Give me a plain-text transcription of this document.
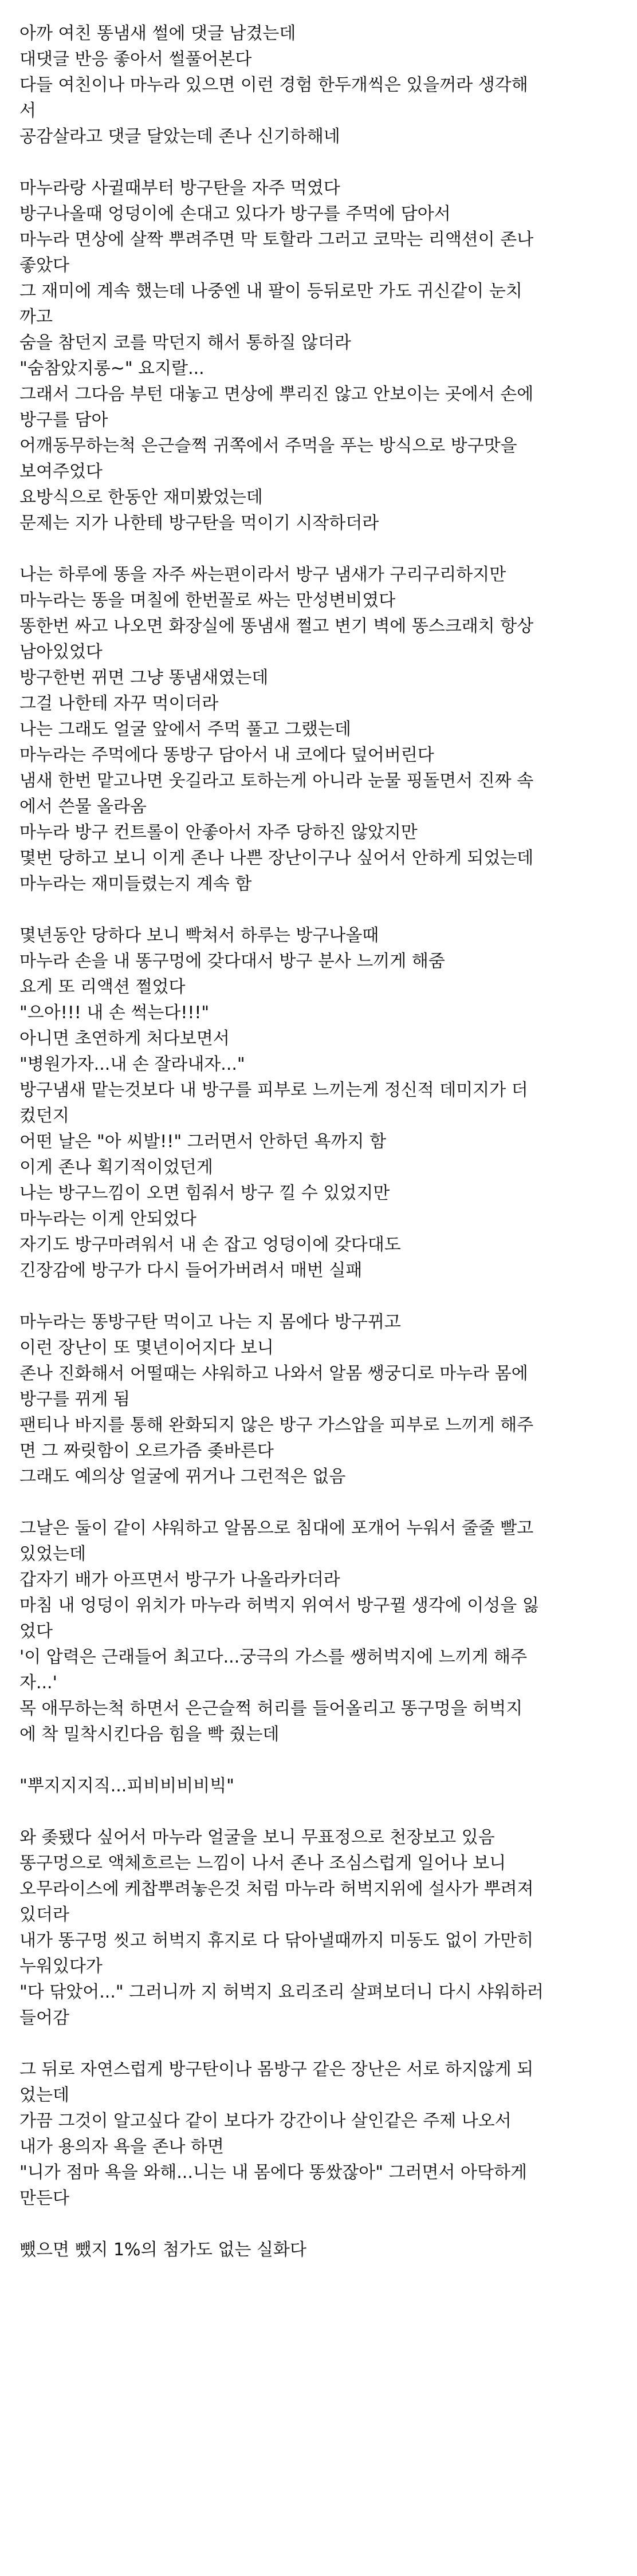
아까 여친 똥냄새 썰에 댓글 남겼는데
대댓글 반응 좋아서 썰풀어본다
다들 여친이나 마누라 있으면 이런 경험 한두개씩은 있을꺼라 생각해
서
공감살라고 댓글 달았는데 존나 신기하해네
마누라랑 사귈때부터 방구탄을 자주 먹였다
방구나올때 엉덩이에 손대고 있다가 방구를 주먹에 담아서
마누라 면상에 살짝 뿌려주면 막 토할라 그러고 코막는 리액션이 존나
좋았다
그 재미에 계속 했는데 나중엔 내 팔이 등뒤로만 가도 귀신같이 눈치
까고
숨을 참던지 코를 막던지 해서 통하질 않더라
"숨참았지롱~" 요지랄...
그래서 그다음 부턴 대놓고 면상에 뿌리진 않고 안보이는 곳에서 손에
방구를 담아
어깨동무하는척 은근슬쩍 귀쪽에서 주먹을 푸는 방식으로 방구맛을
보여주었다
요방식으로 한동안 재미봤었는데
문제는 지가 나한테 방구탄을 먹이기 시작하더라
나는 하루에 똥을 자주 싸는편이라서 방구 냄새가 구리구리하지만
마누라는 똥을 며칠에 한번꼴로 싸는 만성변비였다
똥한번 싸고 나오면 화장실에 똥냄새 쩔고 변기 벽에 똥스크래치 항상
남아있었다
방구한번 뀌면 그냥 똥냄새였는데
그걸 나한테 자꾸 먹이더라
나는 그래도 얼굴 앞에서 주먹 풀고 그랬는데
마누라는 주먹에다 똥방구 담아서 내 코에다 덮어버린다
냄새 한번 맡고나면 웃길라고 토하는게 아니라 눈물 핑돌면서 진짜 속
에서 쓴물 올라옴
마누라 방구 컨트롤이 안좋아서 자주 당하진 않았지만
몇번 당하고 보니 이게 존나 나쁜 장난이구나 싶어서 안하게 되었는데
마누라는 재미들렸는지 계속 함
몇년동안 당하다 보니 빡쳐서 하루는 방구나올때
마누라 손을 내 똥구멍에 갖다대서 방구 분사 느끼게 해줌
요게 또 리액션 쩔었다
"으아!!! 내 손 썩는다!!!"
아니면 초연하게 처다보면서
"병원가자...내 손 잘라내자..."
방구냄새 맡는것보다 내 방구를 피부로 느끼는게 정신적 데미지가 더
컸던지
어떤 날은 "아 씨발!!" 그러면서 안하던 욕까지 함
이게 존나 획기적이었던게
나는 방구느낌이 오면 힘줘서 방구 낄 수 있었지만
마누라는 이게 안되었다
자기도 방구마려워서 내 손 잡고 엉덩이에 갖다대도
긴장감에 방구가 다시 들어가버려서 매번 실패
마누라는 똥방구탄 먹이고 나는 지 몸에다 방구뀌고
이런 장난이 또 몇년이어지다 보니
존나 진화해서 어떨때는 샤워하고 나와서 알몸 쌩궁디로 마누라 몸에
방구를 뀌게 됨
팬티나 바지를 통해 완화되지 않은 방구 가스압을 피부로 느끼게 해주
면 그 짜릿함이 오르가즘 좆바른다
그래도 예의상 얼굴에 뀌거나 그런적은 없음
그날은 둘이 같이 샤워하고 알몸으로 침대에 포개어 누워서 줄줄 빨고
있었는데
갑자기 배가 아프면서 방구가 나올라카더라
마침 내 엉덩이 위치가 마누라 허벅지 위여서 방구뀔 생각에 이성을 잃
었다
'이 압력은 근래들어 최고다...궁극의 가스를 쌩허벅지에 느끼게 해주
자...'
목 애무하는척 하면서 은근슬쩍 허리를 들어올리고 똥구멍을 허벅지
에 착 밀착시킨다음 힘을 빡 줬는데
"뿌지지지직...피비비비비빅"
와 좆됐다 싶어서 마누라 얼굴을 보니 무표정으로 천장보고 있음
똥구멍으로 액체흐르는 느낌이 나서 존나 조심스럽게 일어나 보니
오무라이스에 케찹뿌려놓은것 처럼 마누라 허벅지위에 설사가 뿌려져
있더라
내가 똥구멍 씻고 허벅지 휴지로 다 닦아낼때까지 미동도 없이 가만히
누워있다가
"다 닦았어..." 그러니까 지 허벅지 요리조리 살펴보더니 다시 샤워하러
들어감
그 뒤로 자연스럽게 방구탄이나 몸방구 같은 장난은 서로 하지않게 되
었는데
가끔 그것이 알고싶다 같이 보다가 강간이나 살인같은 주제 나오서
내가 용의자 욕을 존나 하면
"니가 점마 욕을 와해...니는 내 몸에다 똥쌌잖아" 그러면서 아닥하게
만든다
뺐으면 뺐지 1%의 첨가도 없는 실화다
